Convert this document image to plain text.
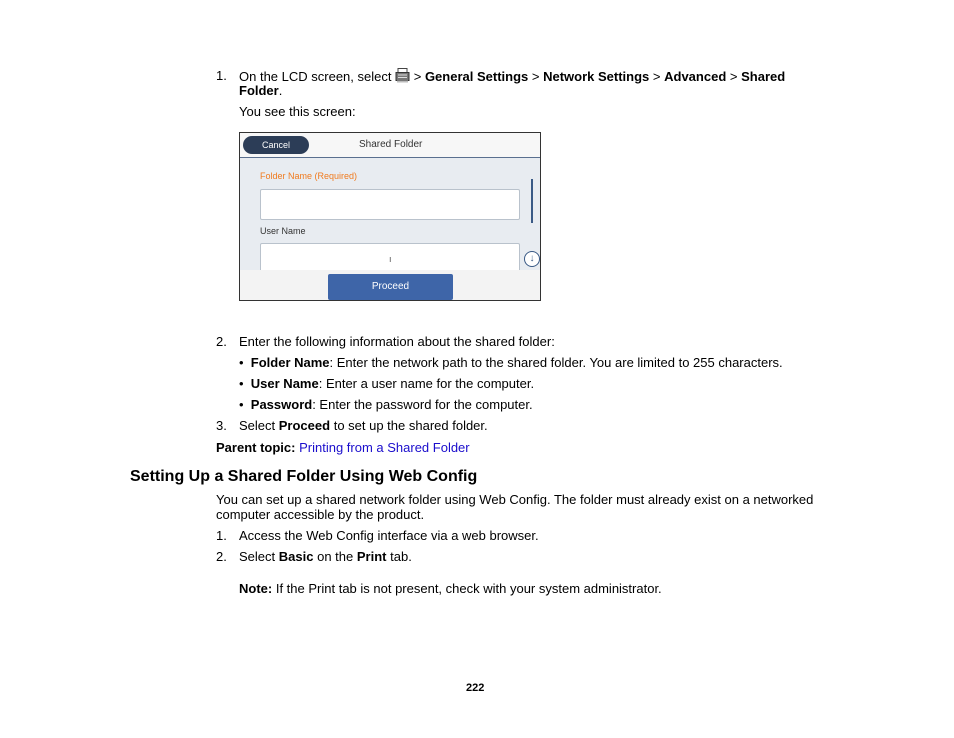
1. On the LCD screen, select > General Settings > Network Settings > Advanced > Shared
Folder.
You see this screen:
Cancel	Shared Folder
Folder Name (Required)
User Name
ı	↓
Proceed
2. Enter the following information about the shared folder:
•  Folder Name: Enter the network path to the shared folder. You are limited to 255 characters.
•  User Name: Enter a user name for the computer.
•  Password: Enter the password for the computer.
3. Select Proceed to set up the shared folder.
Parent topic: Printing from a Shared Folder
Setting Up a Shared Folder Using Web Config
You can set up a shared network folder using Web Config. The folder must already exist on a networked
computer accessible by the product.
1. Access the Web Config interface via a web browser.
2. Select Basic on the Print tab.
Note: If the Print tab is not present, check with your system administrator.
222
